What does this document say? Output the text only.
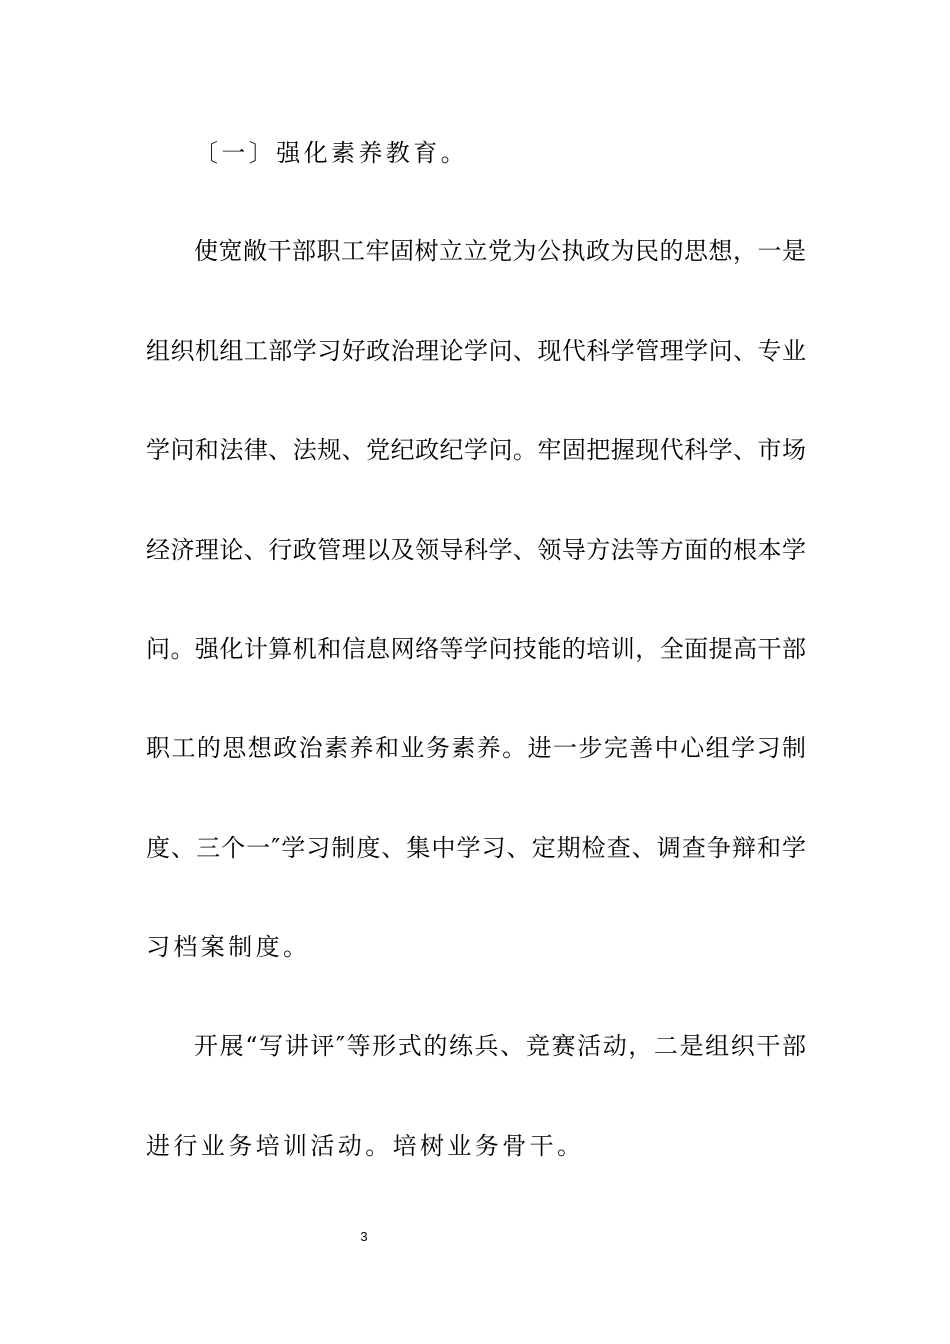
〔一〕强化素养教育。
使宽敞干部职工牢固树立立党为公执政为民的思想，一是
组织机组工部学习好政治理论学问、现代科学管理学问、专业
学问和法律、法规、党纪政纪学问。牢固把握现代科学、市场
经济理论、行政管理以及领导科学、领导方法等方面的根本学
问。强化计算机和信息网络等学问技能的培训，全面提高干部
职工的思想政治素养和业务素养。进一步完善中心组学习制
度、三个一″学习制度、集中学习、定期检查、调查争辩和学
习档案制度。
开展“写讲评″等形式的练兵、竞赛活动，二是组织干部
进行业务培训活动。培树业务骨干。
3
